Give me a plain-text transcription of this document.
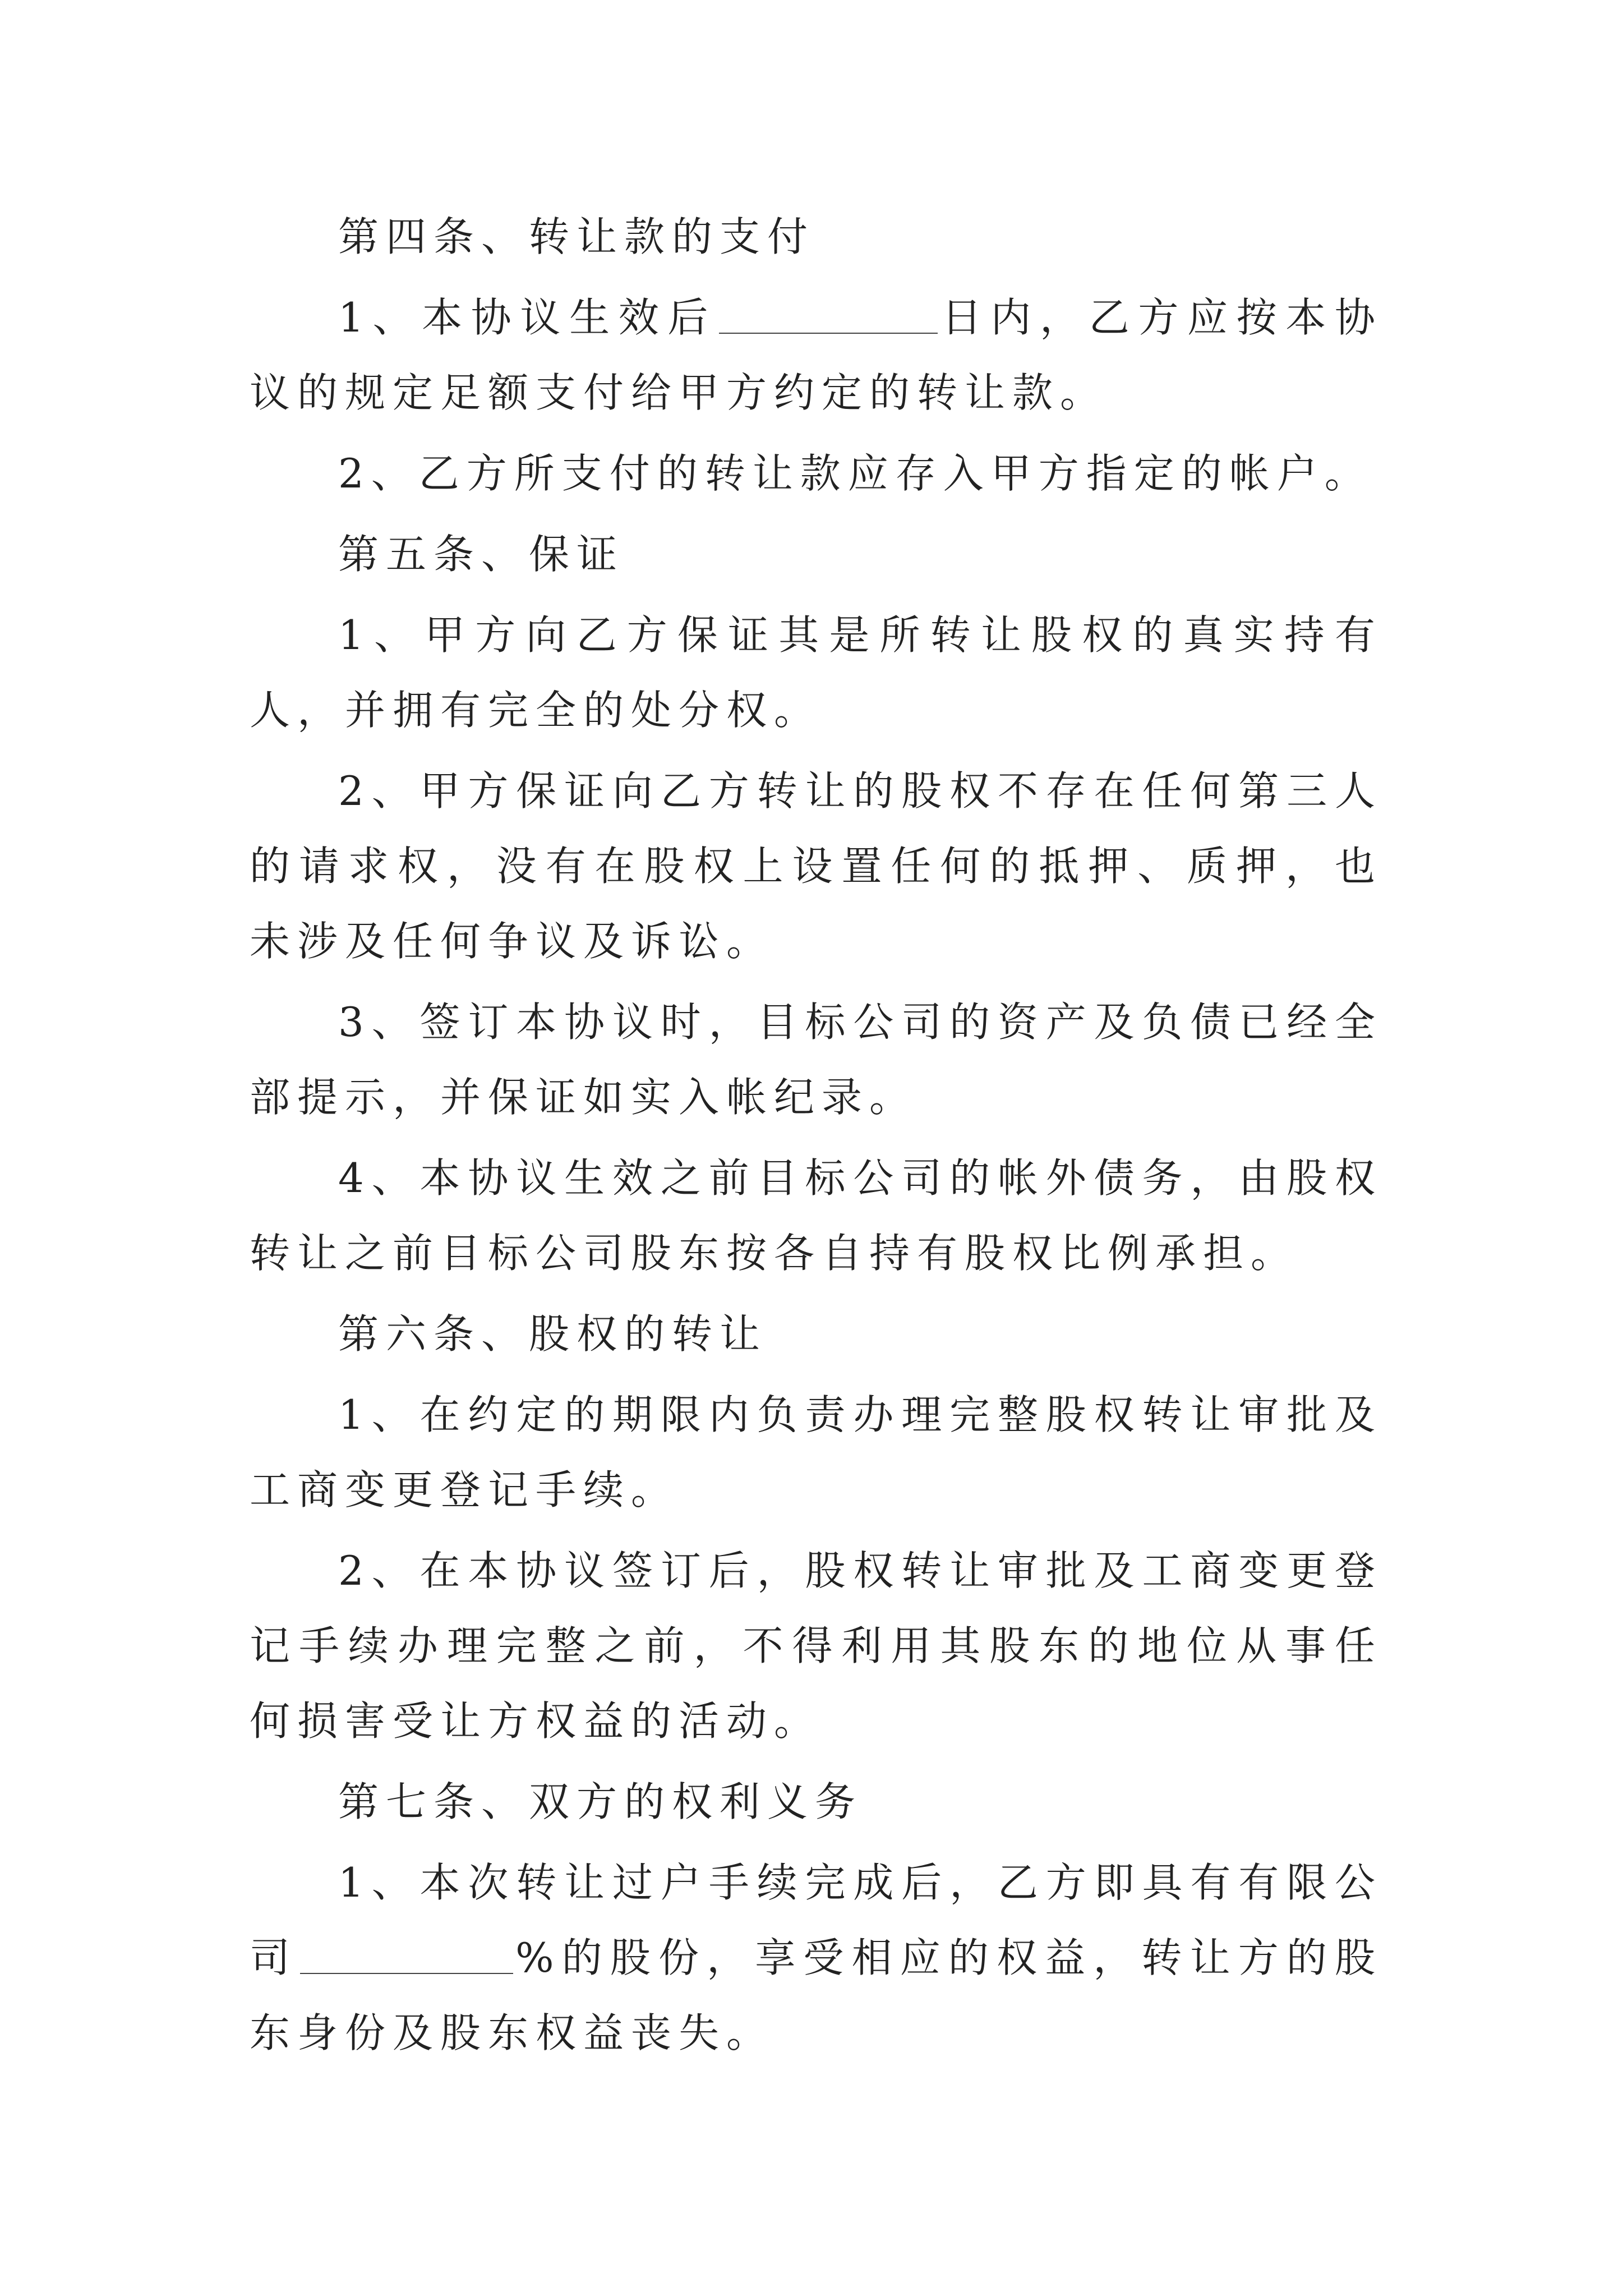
第四条、转让款的支付

1、本协议生效后	日内，乙方应按本协议的规定足额支付给甲方约定的转让款。

2、乙方所支付的转让款应存入甲方指定的帐户。

第五条、保证

1、甲方向乙方保证其是所转让股权的真实持有人，并拥有完全的处分权。

2、甲方保证向乙方转让的股权不存在任何第三人的请求权，没有在股权上设置任何的抵押、质押，也未涉及任何争议及诉讼。

3、签订本协议时，目标公司的资产及负债已经全部提示，并保证如实入帐纪录。

4、本协议生效之前目标公司的帐外债务，由股权转让之前目标公司股东按各自持有股权比例承担。

第六条、股权的转让

1、在约定的期限内负责办理完整股权转让审批及工商变更登记手续。

2、在本协议签订后，股权转让审批及工商变更登记手续办理完整之前，不得利用其股东的地位从事任何损害受让方权益的活动。

第七条、双方的权利义务

1、本次转让过户手续完成后，乙方即具有有限公司	%的股份，享受相应的权益，转让方的股东身份及股东权益丧失。
